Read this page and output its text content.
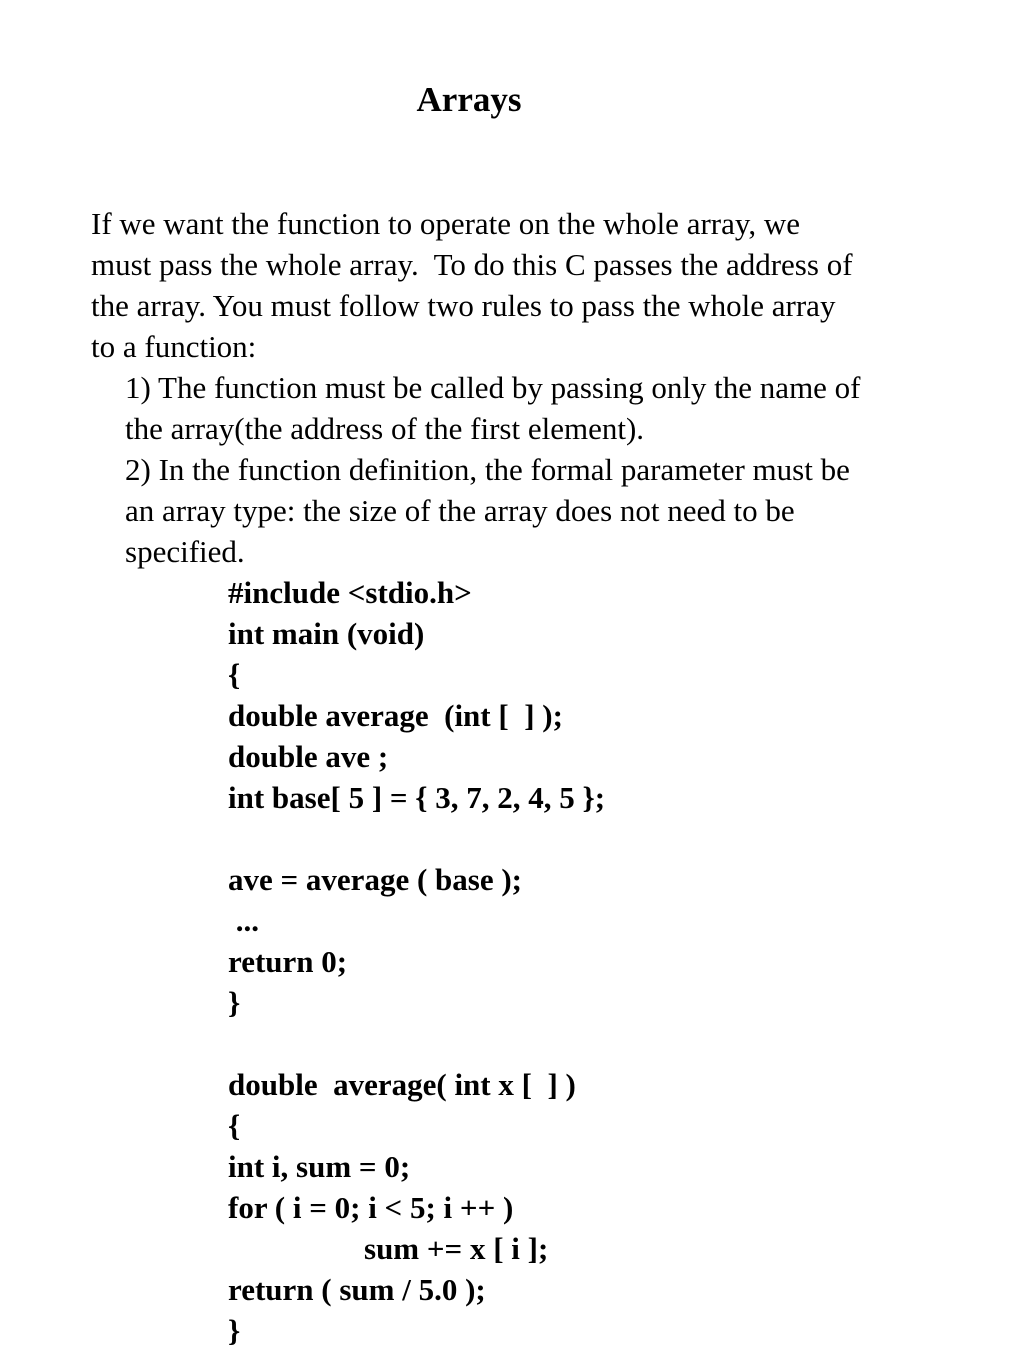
Arrays
If we want the function to operate on the whole array, we
must pass the whole array.  To do this C passes the address of
the array. You must follow two rules to pass the whole array
to a function:
1) The function must be called by passing only the name of
the array(the address of the first element).
2) In the function definition, the formal parameter must be
an array type: the size of the array does not need to be
specified.
#include <stdio.h>
int main (void)
{
double average  (int [  ] );
double ave ;
int base[ 5 ] = { 3, 7, 2, 4, 5 };
ave = average ( base );
...
return 0;
}
double  average( int x [  ] )
{
int i, sum = 0;
for ( i = 0; i < 5; i ++ )
sum += x [ i ];
return ( sum / 5.0 );
}
